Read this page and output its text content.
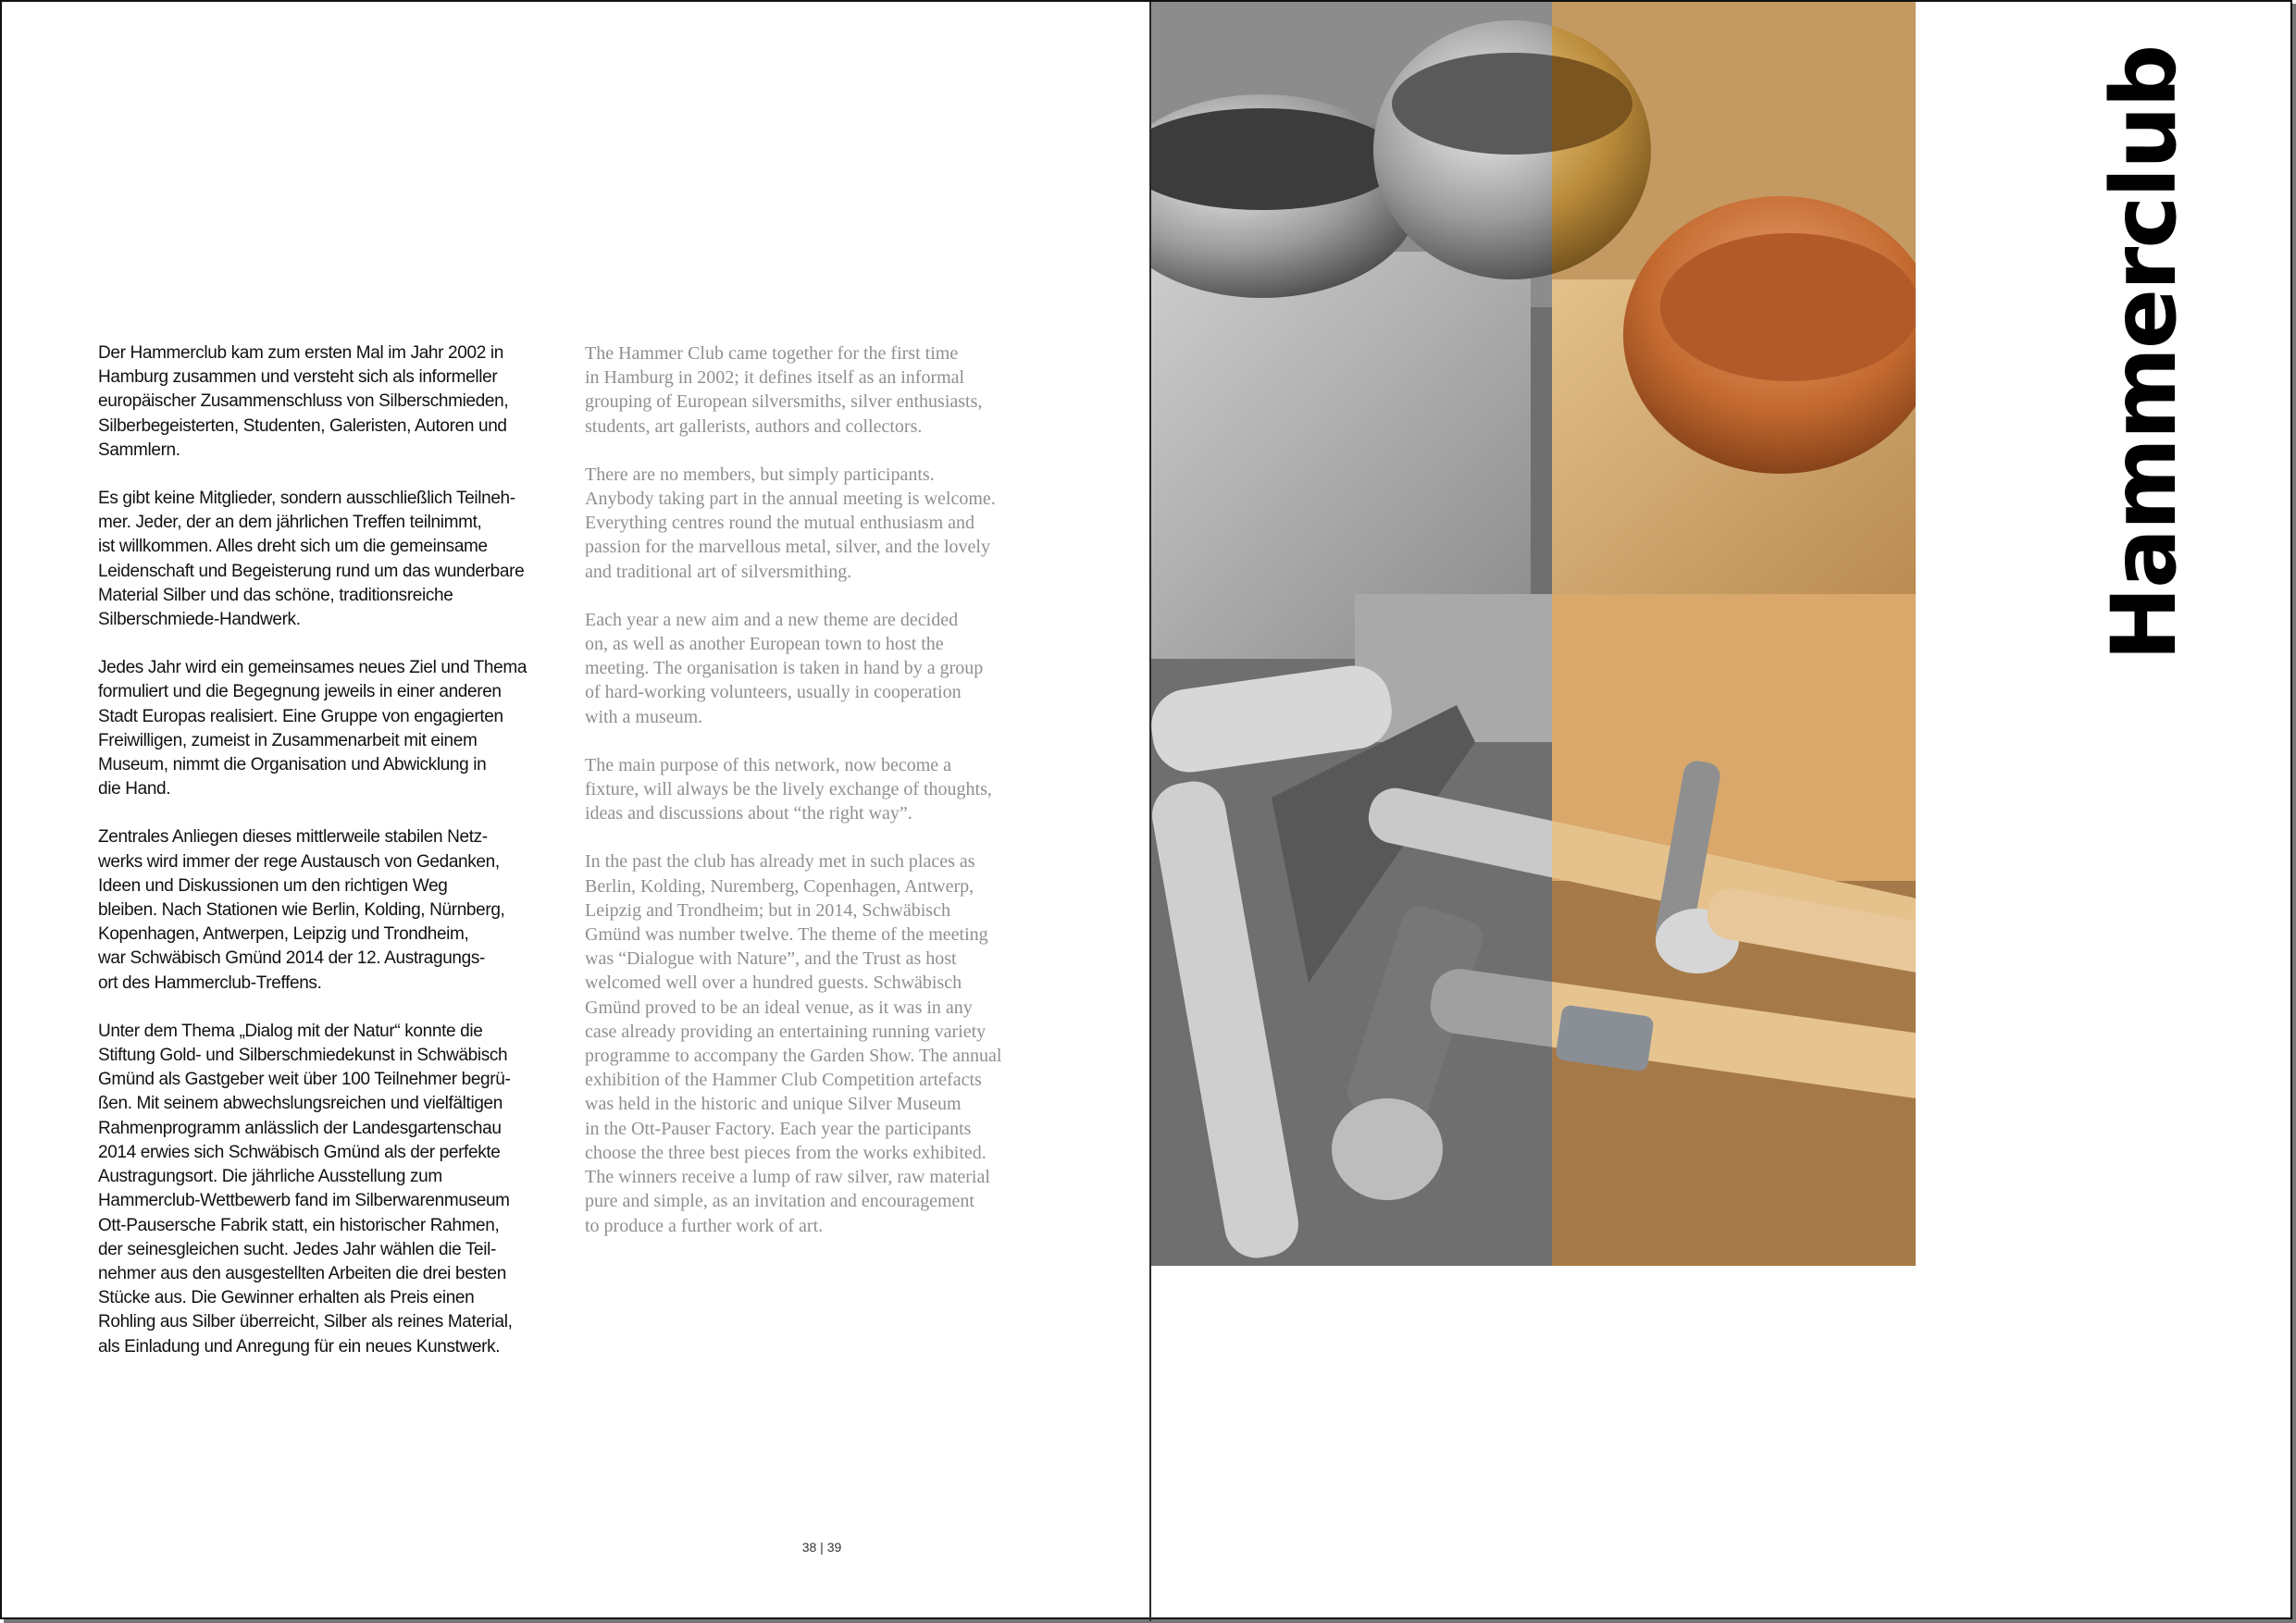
Der Hammerclub kam zum ersten Mal im Jahr 2002 in
Hamburg zusammen und versteht sich als informeller
europäischer Zusammenschluss von Silberschmieden,
Silberbegeisterten, Studenten, Galeristen, Autoren und
Sammlern.

Es gibt keine Mitglieder, sondern ausschließlich Teilneh-
mer. Jeder, der an dem jährlichen Treffen teilnimmt,
ist willkommen. Alles dreht sich um die gemeinsame
Leidenschaft und Begeisterung rund um das wunderbare
Material Silber und das schöne, traditionsreiche
Silberschmiede-Handwerk.

Jedes Jahr wird ein gemeinsames neues Ziel und Thema
formuliert und die Begegnung jeweils in einer anderen
Stadt Europas realisiert. Eine Gruppe von engagierten
Freiwilligen, zumeist in Zusammenarbeit mit einem
Museum, nimmt die Organisation und Abwicklung in
die Hand.

Zentrales Anliegen dieses mittlerweile stabilen Netz-
werks wird immer der rege Austausch von Gedanken,
Ideen und Diskussionen um den richtigen Weg
bleiben. Nach Stationen wie Berlin, Kolding, Nürnberg,
Kopenhagen, Antwerpen, Leipzig und Trondheim,
war Schwäbisch Gmünd 2014 der 12. Austragungs-
ort des Hammerclub-Treffens.

Unter dem Thema „Dialog mit der Natur“ konnte die
Stiftung Gold- und Silberschmiedekunst in Schwäbisch
Gmünd als Gastgeber weit über 100 Teilnehmer begrü-
ßen. Mit seinem abwechslungsreichen und vielfältigen
Rahmenprogramm anlässlich der Landesgartenschau
2014 erwies sich Schwäbisch Gmünd als der perfekte
Austragungsort. Die jährliche Ausstellung zum
Hammerclub-Wettbewerb fand im Silberwarenmuseum
Ott-Pausersche Fabrik statt, ein historischer Rahmen,
der seinesgleichen sucht. Jedes Jahr wählen die Teil-
nehmer aus den ausgestellten Arbeiten die drei besten
Stücke aus. Die Gewinner erhalten als Preis einen
Rohling aus Silber überreicht, Silber als reines Material,
als Einladung und Anregung für ein neues Kunstwerk.

The Hammer Club came together for the first time
in Hamburg in 2002; it defines itself as an informal
grouping of European silversmiths, silver enthusiasts,
students, art gallerists, authors and collectors.

There are no members, but simply participants.
Anybody taking part in the annual meeting is welcome.
Everything centres round the mutual enthusiasm and
passion for the marvellous metal, silver, and the lovely
and traditional art of silversmithing.

Each year a new aim and a new theme are decided
on, as well as another European town to host the
meeting. The organisation is taken in hand by a group
of hard-working volunteers, usually in cooperation
with a museum.

The main purpose of this network, now become a
fixture, will always be the lively exchange of thoughts,
ideas and discussions about “the right way”.

In the past the club has already met in such places as
Berlin, Kolding, Nuremberg, Copenhagen, Antwerp,
Leipzig and Trondheim; but in 2014, Schwäbisch
Gmünd was number twelve. The theme of the meeting
was “Dialogue with Nature”, and the Trust as host
welcomed well over a hundred guests. Schwäbisch
Gmünd proved to be an ideal venue, as it was in any
case already providing an entertaining running variety
programme to accompany the Garden Show. The annual
exhibition of the Hammer Club Competition artefacts
was held in the historic and unique Silver Museum
in the Ott-Pauser Factory. Each year the participants
choose the three best pieces from the works exhibited.
The winners receive a lump of raw silver, raw material
pure and simple, as an invitation and encouragement
to produce a further work of art.

38 | 39
Hammerclub
